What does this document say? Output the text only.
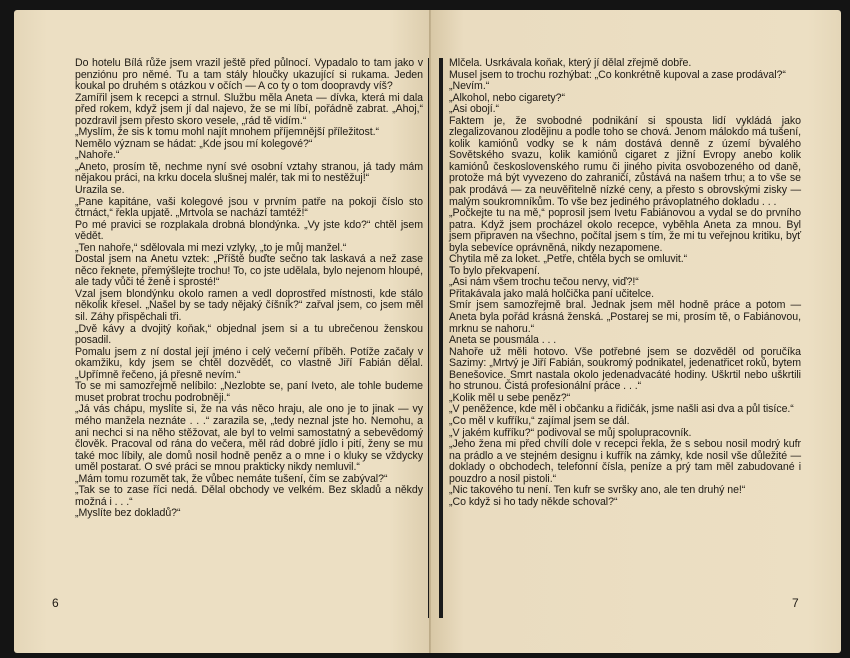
Do hotelu Bílá růže jsem vrazil ještě před půlnocí. Vypadalo to tam jako v penziónu pro němé. Tu a tam stály hloučky ukazující si rukama. Jeden koukal po druhém s otázkou v očích — A co ty o tom doopravdy víš?

Zamířil jsem k recepci a strnul. Službu měla Aneta — dívka, která mi dala před rokem, když jsem jí dal najevo, že se mi líbí, pořádně zabrat. „Ahoj,“ pozdravil jsem přesto skoro vesele, „rád tě vidím.“

„Myslím, že sis k tomu mohl najít mnohem příjemnější příležitost.“

Nemělo význam se hádat: „Kde jsou mí kolegové?“

„Nahoře.“

„Aneto, prosím tě, nechme nyní své osobní vztahy stranou, já tady mám nějakou práci, na krku docela slušnej malér, tak mi to nestěžuj!“

Urazila se.

„Pane kapitáne, vaši kolegové jsou v prvním patře na pokoji číslo sto čtrnáct,“ řekla upjatě. „Mrtvola se nachází tamtéž!“

Po mé pravici se rozplakala drobná blondýnka. „Vy jste kdo?“ chtěl jsem vědět.

„Ten nahoře,“ sdělovala mi mezi vzlyky, „to je můj manžel.“

Dostal jsem na Anetu vztek: „Příště buďte sečno tak laskavá a než zase něco řeknete, přemýšlejte trochu! To, co jste udělala, bylo nejenom hloupé, ale tady vůči té ženě i sprosté!“

Vzal jsem blondýnku okolo ramen a vedl doprostřed místnosti, kde stálo několik křesel. „Našel by se tady nějaký číšník?“ zařval jsem, co jsem měl sil. Záhy přispěchali tři.

„Dvě kávy a dvojitý koňak,“ objednal jsem si a tu ubrečenou ženskou posadil.

Pomalu jsem z ní dostal její jméno i celý večerní příběh. Potíže začaly v okamžiku, kdy jsem se chtěl dozvědět, co vlastně Jiří Fabián dělal. „Upřímně řečeno, já přesně nevím.“

To se mi samozřejmě nelíbilo: „Nezlobte se, paní Iveto, ale tohle budeme muset probrat trochu podrobněji.“

„Já vás chápu, myslíte si, že na vás něco hraju, ale ono je to jinak — vy mého manžela neznáte . . .“ zarazila se, „tedy neznal jste ho. Nemohu, a ani nechci si na něho stěžovat, ale byl to velmi samostatný a sebevědomý člověk. Pracoval od rána do večera, měl rád dobré jídlo i pití, ženy se mu také moc líbily, ale domů nosil hodně peněz a o mne i o kluky se vždycky uměl postarat. O své práci se mnou prakticky nikdy nemluvil.“

„Mám tomu rozumět tak, že vůbec nemáte tušení, čím se zabýval?“

„Tak se to zase říci nedá. Dělal obchody ve velkém. Bez skladů a někdy možná i . . .“

„Myslíte bez dokladů?“

6

Mlčela. Usrkávala koňak, který jí dělal zřejmě dobře.

Musel jsem to trochu rozhýbat: „Co konkrétně kupoval a zase prodával?“

„Nevím.“

„Alkohol, nebo cigarety?“

„Asi obojí.“

Faktem je, že svobodné podnikání si spousta lidí vykládá jako zlegalizovanou zlodějinu a podle toho se chová. Jenom málokdo má tušení, kolik kamiónů vodky se k nám dostává denně z území bývalého Sovětského svazu, kolik kamiónů cigaret z jižní Evropy anebo kolik kamiónů československého rumu či jiného pivita osvobozeného od daně, protože má být vyvezeno do zahraničí, zůstává na našem trhu; a to vše se pak prodává — za neuvěřitelně nízké ceny, a přesto s obrovskými zisky — malým soukromníkům. To vše bez jediného právoplatného dokladu . . .

„Počkejte tu na mě,“ poprosil jsem Ivetu Fabiánovou a vydal se do prvního patra. Když jsem procházel okolo recepce, vyběhla Aneta za mnou. Byl jsem připraven na všechno, počítal jsem s tím, že mi tu veřejnou kritiku, byť byla sebevíce oprávněná, nikdy nezapomene.

Chytila mě za loket. „Petře, chtěla bych se omluvit.“

To bylo překvapení.

„Asi nám všem trochu tečou nervy, viď?!“

Přitakávala jako malá holčička paní učitelce.

Smír jsem samozřejmě bral. Jednak jsem měl hodně práce a potom — Aneta byla pořád krásná ženská. „Postarej se mi, prosím tě, o Fabiánovou, mrknu se nahoru.“

Aneta se pousmála . . .

Nahoře už měli hotovo. Vše potřebné jsem se dozvěděl od poručíka Sazimy: „Mrtvý je Jiří Fabián, soukromý podnikatel, jedenatřicet roků, bytem Benešovice. Smrt nastala okolo jedenadvacáté hodiny. Uškrtil nebo uškrtili ho strunou. Čistá profesionální práce . . .“

„Kolik měl u sebe peněz?“

„V peněžence, kde měl i občanku a řidičák, jsme našli asi dva a půl tisíce.“

„Co měl v kufříku,“ zajímal jsem se dál.

„V jakém kufříku?“ podivoval se můj spolupracovník.

„Jeho žena mi před chvílí dole v recepci řekla, že s sebou nosil modrý kufr na prádlo a ve stejném designu i kufřík na zámky, kde nosil vše důležité — doklady o obchodech, telefonní čísla, peníze a prý tam měl zabudované i pouzdro a nosil pistoli.“

„Nic takového tu není. Ten kufr se svršky ano, ale ten druhý ne!“

„Co když si ho tady někde schoval?“

7
